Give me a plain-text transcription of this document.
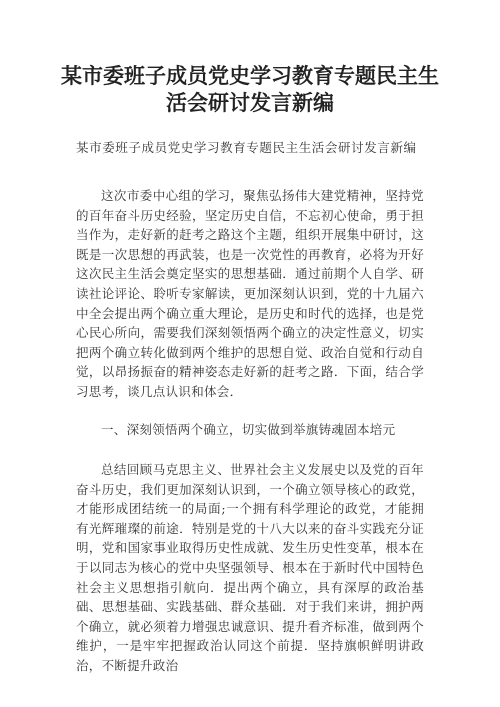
某市委班子成员党史学习教育专题民主生活会研讨发言新编

某市委班子成员党史学习教育专题民主生活会研讨发言新编

这次市委中心组的学习，聚焦弘扬伟大建党精神，坚持党的百年奋斗历史经验，坚定历史自信，不忘初心使命，勇于担当作为，走好新的赶考之路这个主题，组织开展集中研讨，这既是一次思想的再武装，也是一次党性的再教育，必将为开好这次民主生活会奠定坚实的思想基础．通过前期个人自学、研读社论评论、聆听专家解读，更加深刻认识到，党的十九届六中全会提出两个确立重大理论，是历史和时代的选择，也是党心民心所向，需要我们深刻领悟两个确立的决定性意义，切实把两个确立转化做到两个维护的思想自觉、政治自觉和行动自觉，以昂扬振奋的精神姿态走好新的赶考之路．下面，结合学习思考，谈几点认识和体会．

一、深刻领悟两个确立，切实做到举旗铸魂固本培元

总结回顾马克思主义、世界社会主义发展史以及党的百年奋斗历史，我们更加深刻认识到，一个确立领导核心的政党，才能形成团结统一的局面;一个拥有科学理论的政党，才能拥有光辉璀璨的前途．特别是党的十八大以来的奋斗实践充分证明，党和国家事业取得历史性成就、发生历史性变革，根本在于以同志为核心的党中央坚强领导、根本在于新时代中国特色社会主义思想指引航向．提出两个确立，具有深厚的政治基础、思想基础、实践基础、群众基础．对于我们来讲，拥护两个确立，就必须着力增强忠诚意识、提升看齐标准，做到两个维护，一是牢牢把握政治认同这个前提．坚持旗帜鲜明讲政治，不断提升政治
